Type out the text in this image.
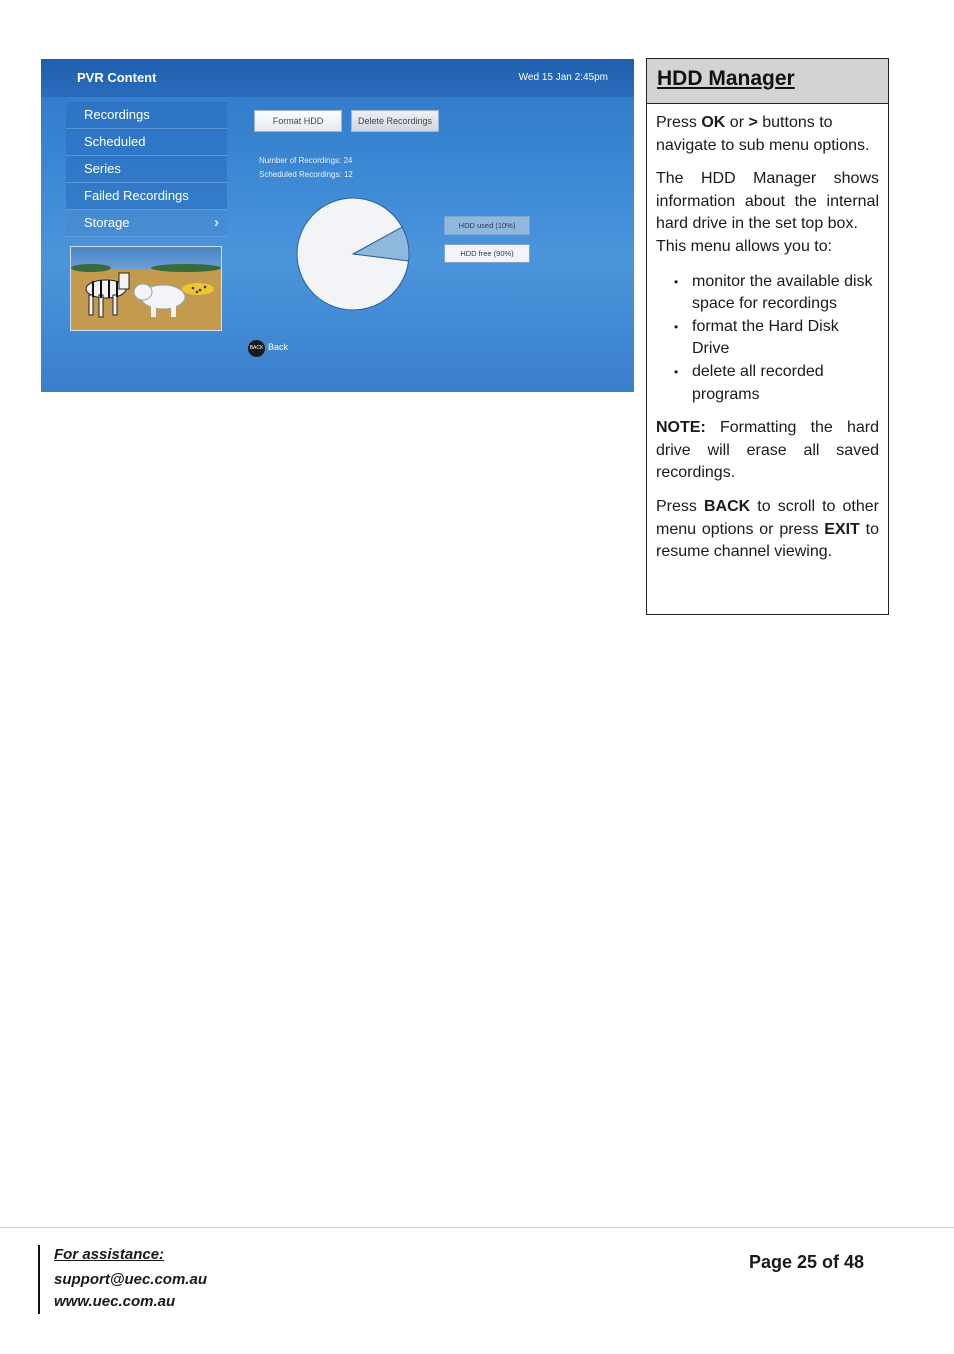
PVR Content	Wed 15 Jan 2:45pm
Recordings
Scheduled
Series
Failed Recordings
Storage	›
Format HDD	Delete Recordings
Number of Recordings: 24
Scheduled Recordings: 12
HDD used (10%)
HDD free (90%)
BACK Back
HDD Manager

Press OK or > buttons to navigate to sub menu options.

The HDD Manager shows information about the internal hard drive in the set top box.
This menu allows you to:

• monitor the available disk space for recordings
• format the Hard Disk Drive
• delete all recorded programs

NOTE: Formatting the hard drive will erase all saved recordings.

Press BACK to scroll to other menu options or press EXIT to resume channel viewing.

For assistance:
support@uec.com.au
www.uec.com.au
Page 25 of 48
